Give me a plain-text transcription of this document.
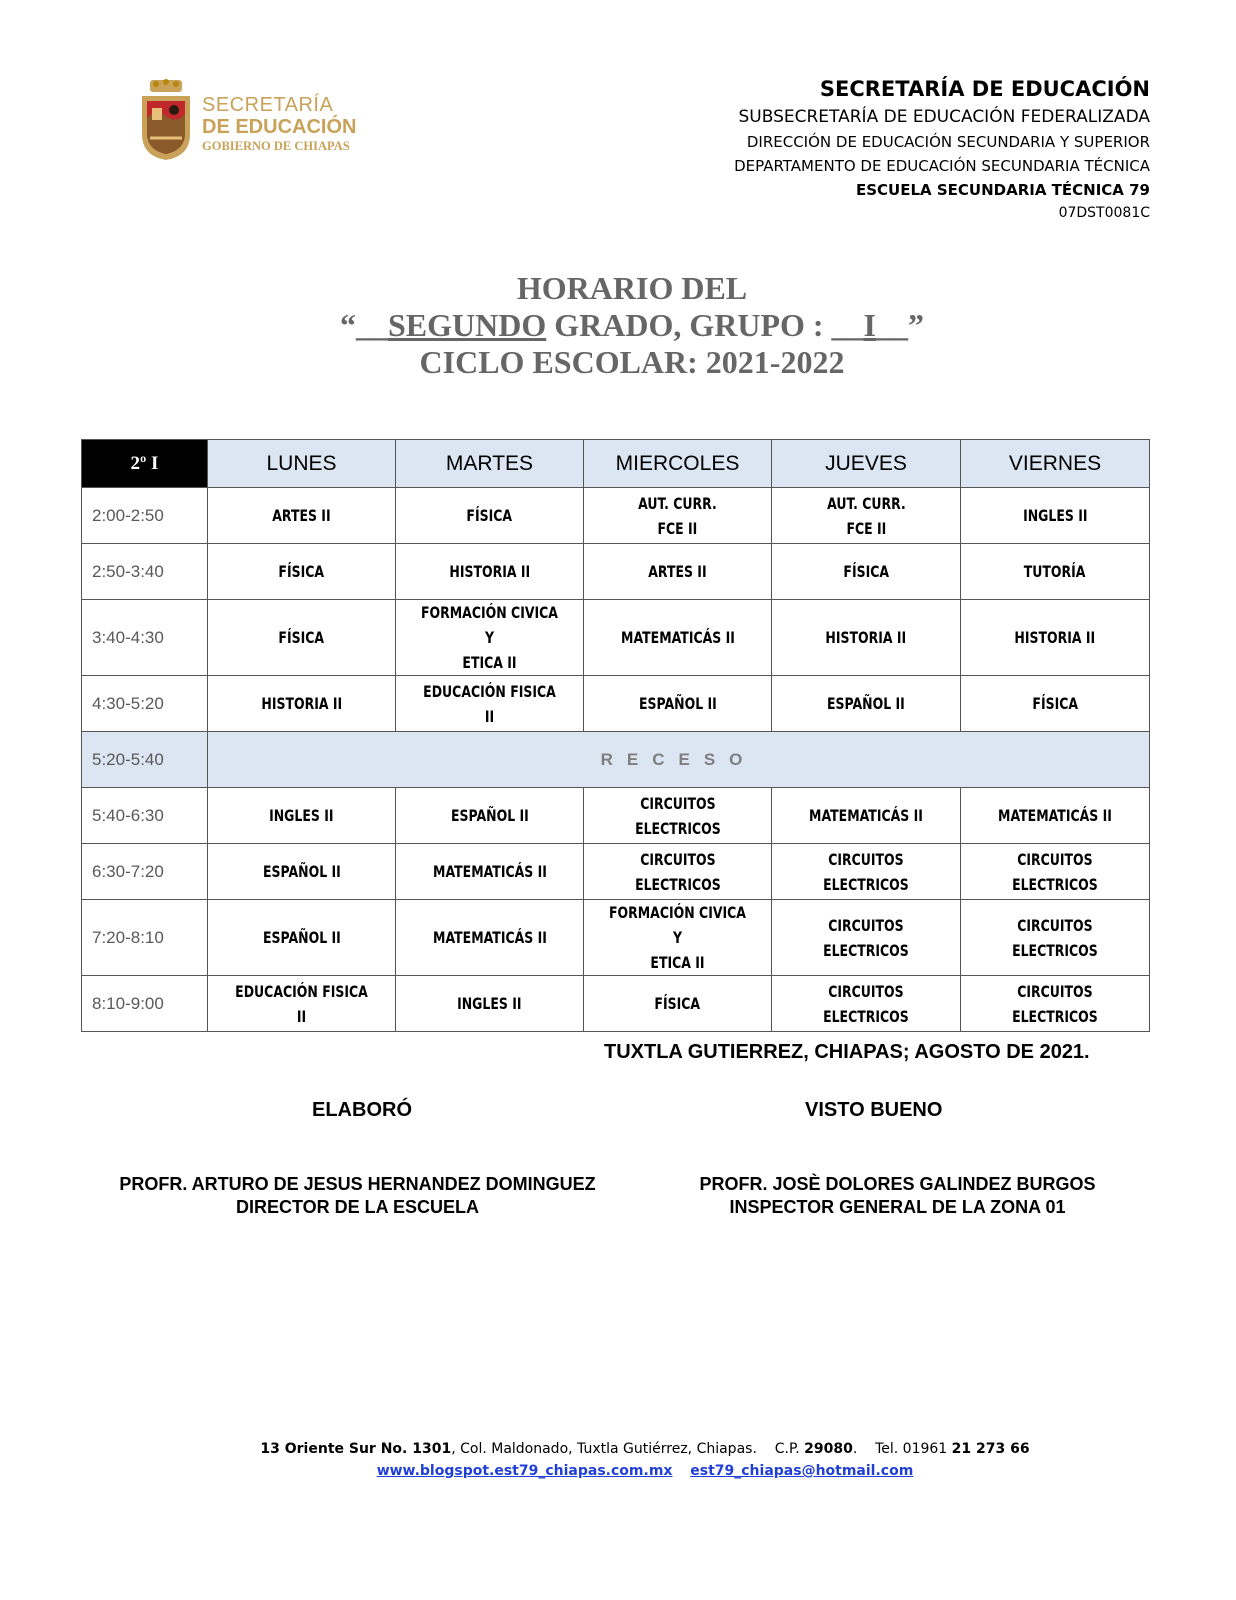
SECRETARÍA
DE EDUCACIÓN
GOBIERNO DE CHIAPAS
SECRETARÍA DE EDUCACIÓN
SUBSECRETARÍA DE EDUCACIÓN FEDERALIZADA
DIRECCIÓN DE EDUCACIÓN SECUNDARIA Y SUPERIOR
DEPARTAMENTO DE EDUCACIÓN SECUNDARIA TÉCNICA
ESCUELA SECUNDARIA TÉCNICA 79
07DST0081C
HORARIO DEL
“__SEGUNDO GRADO, GRUPO : __I__”
CICLO ESCOLAR: 2021-2022
2º I	LUNES	MARTES	MIERCOLES	JUEVES	VIERNES
2:00-2:50	ARTES II	FÍSICA	AUT. CURR.
FCE II	AUT. CURR.
FCE II	INGLES II
2:50-3:40	FÍSICA	HISTORIA II	ARTES II	FÍSICA	TUTORÍA
3:40-4:30	FÍSICA	FORMACIÓN CIVICA Y
ETICA II	MATEMATICÁS II	HISTORIA II	HISTORIA II
4:30-5:20	HISTORIA II	EDUCACIÓN FISICA II	ESPAÑOL II	ESPAÑOL II	FÍSICA
5:20-5:40	RECESO				
5:40-6:30	INGLES II	ESPAÑOL II	CIRCUITOS
ELECTRICOS	MATEMATICÁS II	MATEMATICÁS II
6:30-7:20	ESPAÑOL II	MATEMATICÁS II	CIRCUITOS
ELECTRICOS	CIRCUITOS
ELECTRICOS	CIRCUITOS
ELECTRICOS
7:20-8:10	ESPAÑOL II	MATEMATICÁS II	FORMACIÓN CIVICA Y
ETICA II	CIRCUITOS
ELECTRICOS	CIRCUITOS
ELECTRICOS
8:10-9:00	EDUCACIÓN FISICA II	INGLES II	FÍSICA	CIRCUITOS
ELECTRICOS	CIRCUITOS
ELECTRICOS
TUXTLA GUTIERREZ, CHIAPAS; AGOSTO DE 2021.
ELABORÓ	VISTO BUENO
PROFR. ARTURO DE JESUS HERNANDEZ DOMINGUEZ
DIRECTOR DE LA ESCUELA
PROFR. JOSÈ DOLORES GALINDEZ BURGOS
INSPECTOR GENERAL DE LA ZONA 01
13 Oriente Sur No. 1301, Col. Maldonado, Tuxtla Gutiérrez, Chiapas. C.P. 29080.    Tel. 01961 21 273 66
www.blogspot.est79_chiapas.com.mx est79_chiapas@hotmail.com
